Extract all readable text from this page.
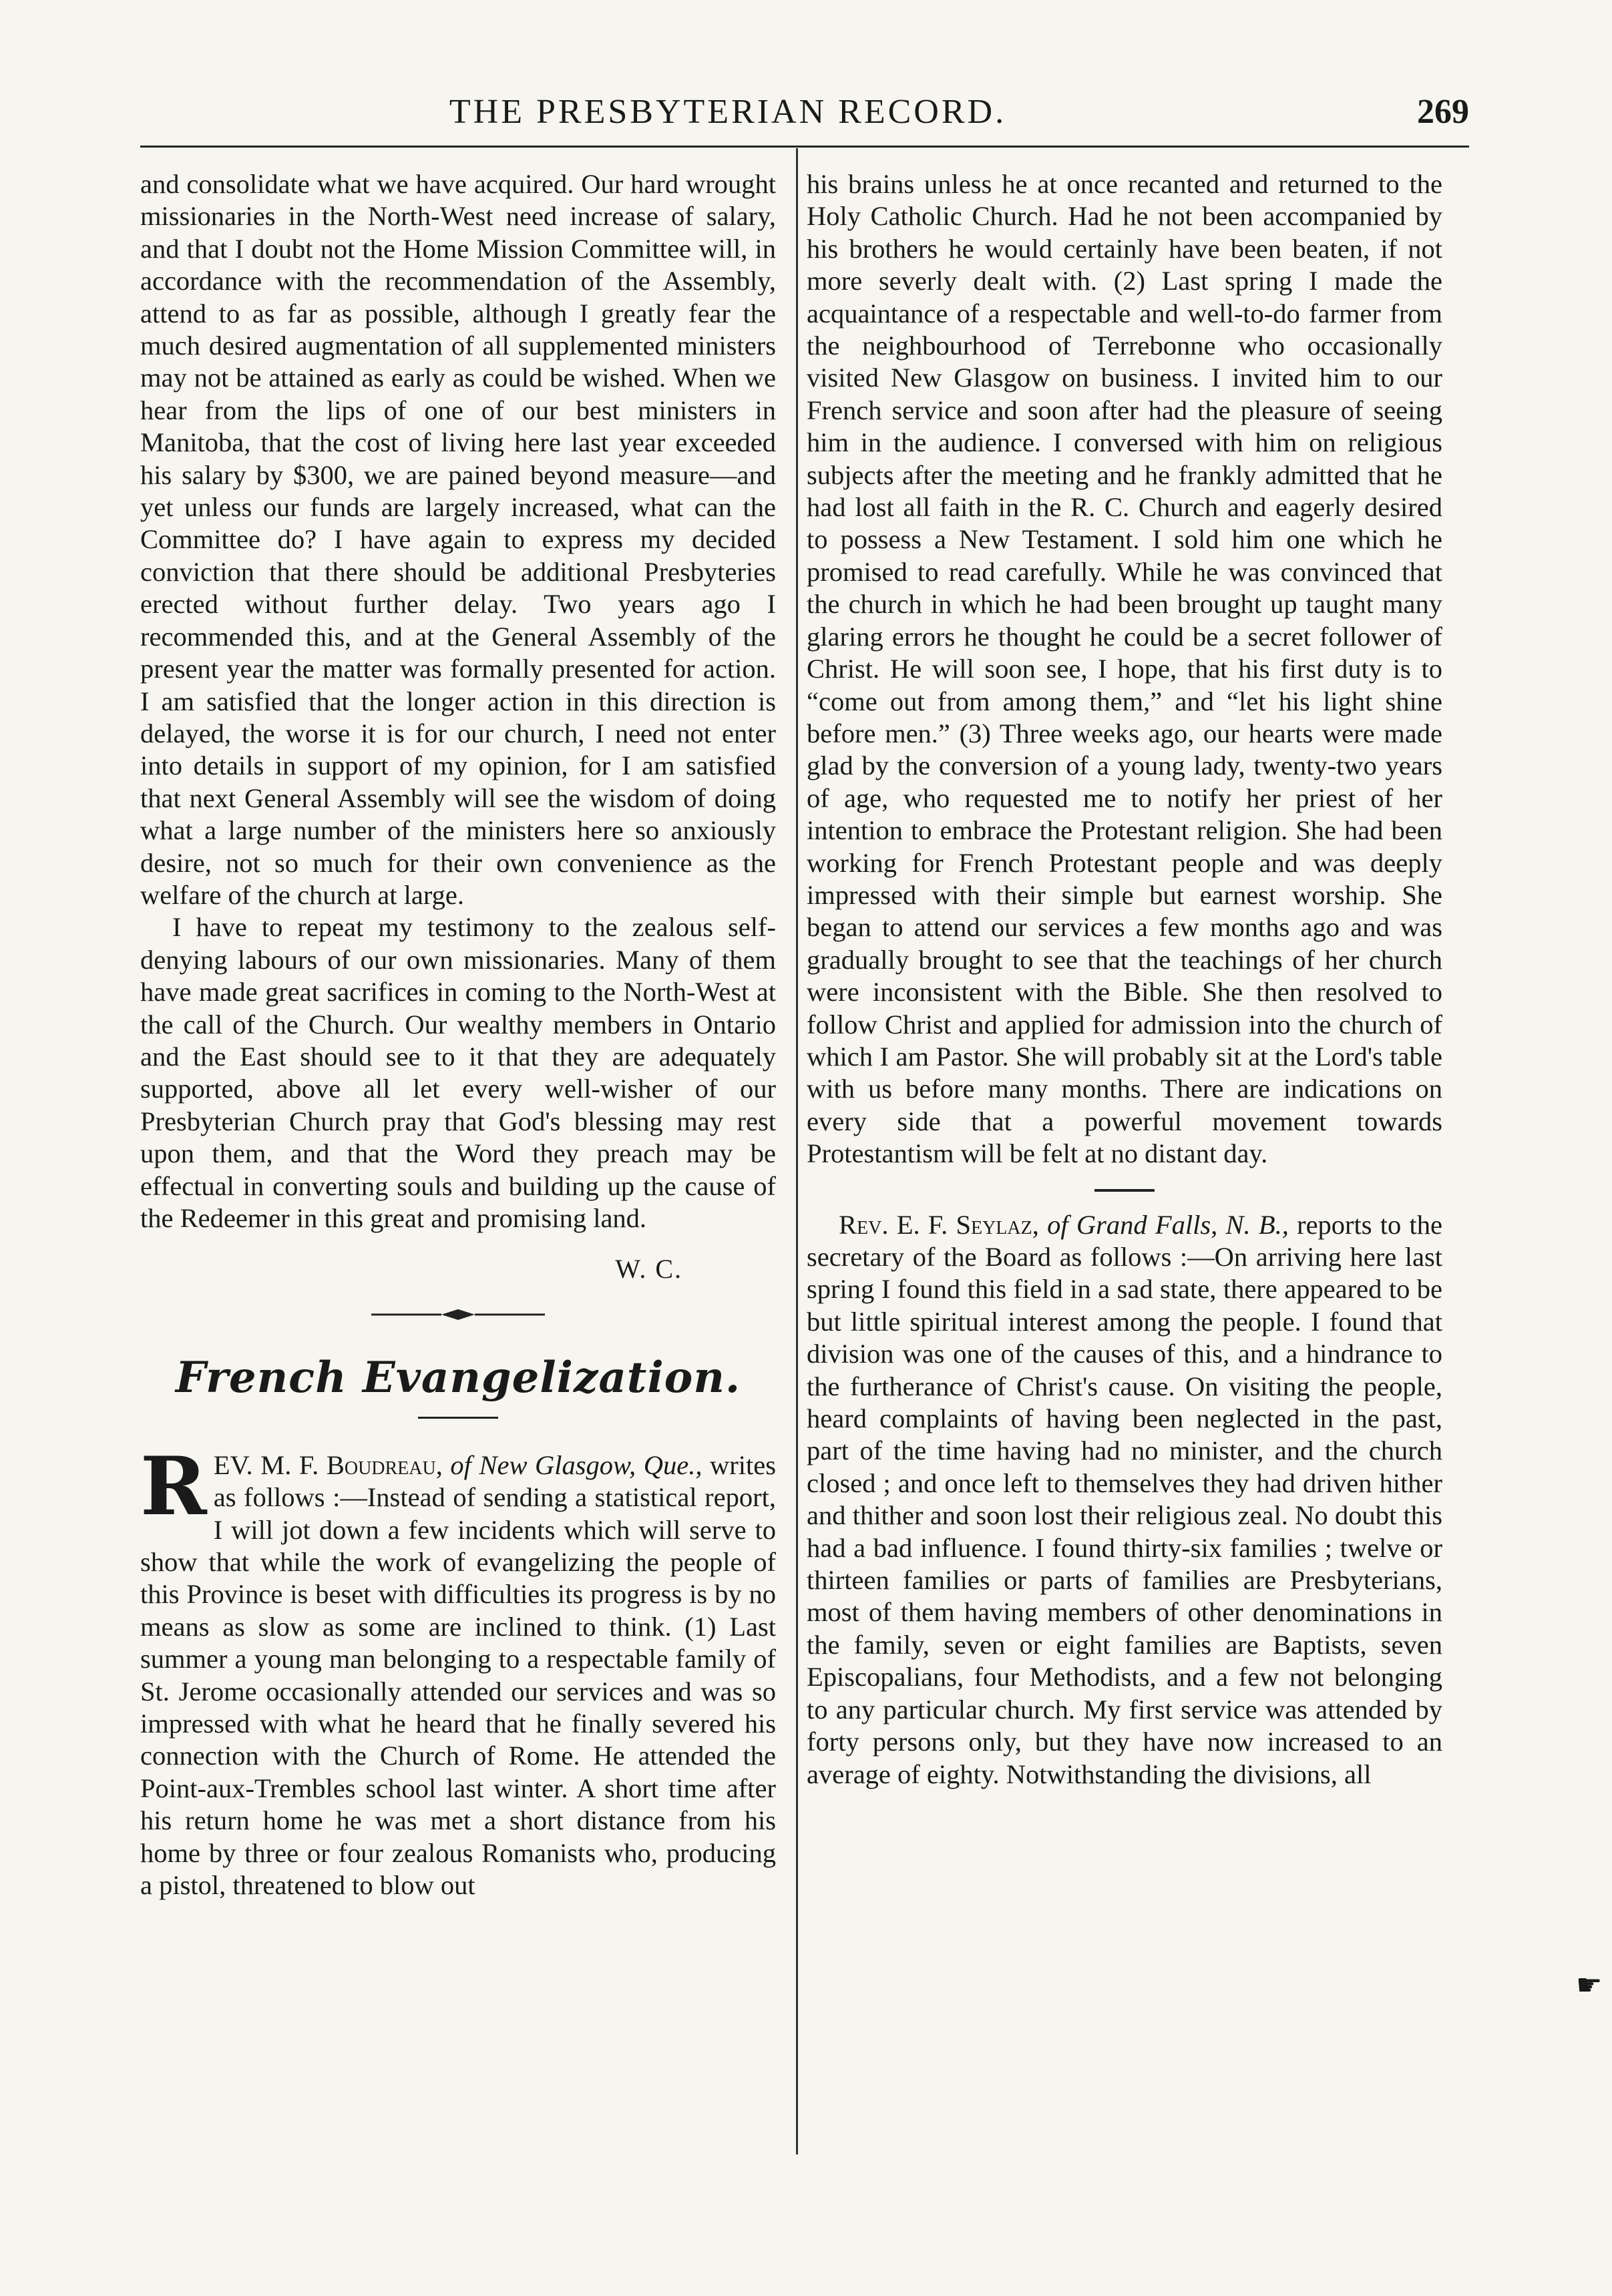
THE PRESBYTERIAN RECORD.	269

and consolidate what we have acquired. Our hard wrought missionaries in the North-West need increase of salary, and that I doubt not the Home Mission Committee will, in accordance with the recommendation of the Assembly, attend to as far as possible, although I greatly fear the much desired augmentation of all supplemented ministers may not be attained as early as could be wished. When we hear from the lips of one of our best ministers in Manitoba, that the cost of living here last year exceeded his salary by $300, we are pained beyond measure—and yet unless our funds are largely increased, what can the Committee do? I have again to express my decided conviction that there should be additional Presbyteries erected without further delay. Two years ago I recommended this, and at the General Assembly of the present year the matter was formally presented for action. I am satisfied that the longer action in this direction is delayed, the worse it is for our church, I need not enter into details in support of my opinion, for I am satisfied that next General Assembly will see the wisdom of doing what a large number of the ministers here so anxiously desire, not so much for their own convenience as the welfare of the church at large.

I have to repeat my testimony to the zealous self-denying labours of our own missionaries. Many of them have made great sacrifices in coming to the North-West at the call of the Church. Our wealthy members in Ontario and the East should see to it that they are adequately supported, above all let every well-wisher of our Presbyterian Church pray that God's blessing may rest upon them, and that the Word they preach may be effectual in converting souls and building up the cause of the Redeemer in this great and promising land.

W. C.
French Evangelization.

R EV. M. F. Boudreau, of New Glasgow, Que., writes as follows :—Instead of sending a statistical report, I will jot down a few incidents which will serve to show that while the work of evangelizing the people of this Province is beset with difficulties its progress is by no means as slow as some are inclined to think. (1) Last summer a young man belonging to a respectable family of St. Jerome occasionally attended our services and was so impressed with what he heard that he finally severed his connection with the Church of Rome. He attended the Point-aux-Trembles school last winter. A short time after his return home he was met a short distance from his home by three or four zealous Romanists who, producing a pistol, threatened to blow out

his brains unless he at once recanted and returned to the Holy Catholic Church. Had he not been accompanied by his brothers he would certainly have been beaten, if not more severly dealt with. (2) Last spring I made the acquaintance of a respectable and well-to-do farmer from the neighbourhood of Terrebonne who occasionally visited New Glasgow on business. I invited him to our French service and soon after had the pleasure of seeing him in the audience. I conversed with him on religious subjects after the meeting and he frankly admitted that he had lost all faith in the R. C. Church and eagerly desired to possess a New Testament. I sold him one which he promised to read carefully. While he was convinced that the church in which he had been brought up taught many glaring errors he thought he could be a secret follower of Christ. He will soon see, I hope, that his first duty is to “come out from among them,” and “let his light shine before men.” (3) Three weeks ago, our hearts were made glad by the conversion of a young lady, twenty-two years of age, who requested me to notify her priest of her intention to embrace the Protestant religion. She had been working for French Protestant people and was deeply impressed with their simple but earnest worship. She began to attend our services a few months ago and was gradually brought to see that the teachings of her church were inconsistent with the Bible. She then resolved to follow Christ and applied for admission into the church of which I am Pastor. She will probably sit at the Lord's table with us before many months. There are indications on every side that a powerful movement towards Protestantism will be felt at no distant day.

Rev. E. F. Seylaz, of Grand Falls, N. B., reports to the secretary of the Board as follows :—On arriving here last spring I found this field in a sad state, there appeared to be but little spiritual interest among the people. I found that division was one of the causes of this, and a hindrance to the furtherance of Christ's cause. On visiting the people, heard complaints of having been neglected in the past, part of the time having had no minister, and the church closed ; and once left to themselves they had driven hither and thither and soon lost their religious zeal. No doubt this had a bad influence. I found thirty-six families ; twelve or thirteen families or parts of families are Presbyterians, most of them having members of other denominations in the family, seven or eight families are Baptists, seven Episcopalians, four Methodists, and a few not belonging to any particular church. My first service was attended by forty persons only, but they have now increased to an average of eighty. Notwithstanding the divisions, all

☛
